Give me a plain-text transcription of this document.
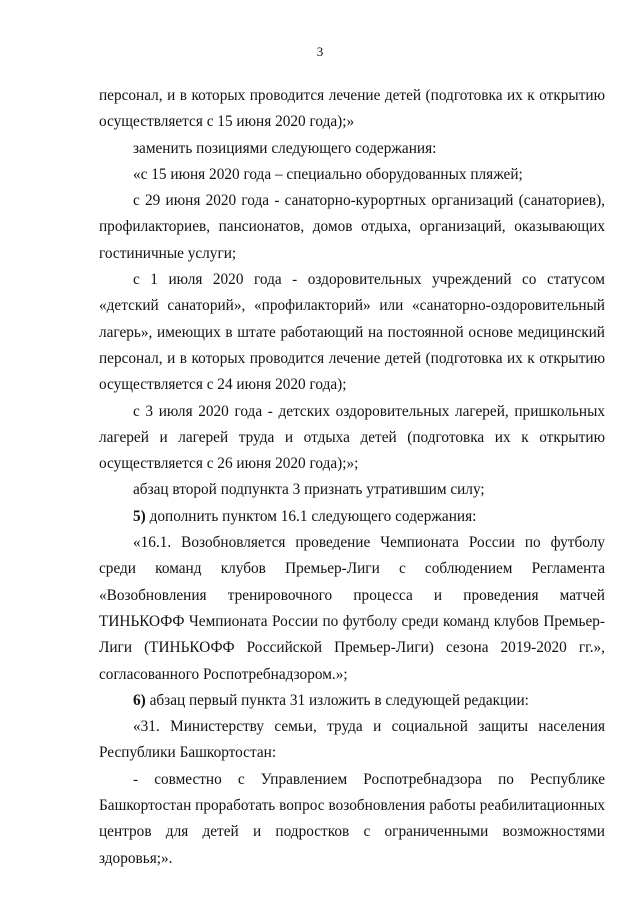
3

персонал, и в которых проводится лечение детей (подготовка их к открытию осуществляется с 15 июня 2020 года);»

заменить позициями следующего содержания:

«с 15 июня 2020 года – специально оборудованных пляжей;

с 29 июня 2020 года - санаторно-курортных организаций (санаториев), профилакториев, пансионатов, домов отдыха, организаций, оказывающих гостиничные услуги;

с 1 июля 2020 года - оздоровительных учреждений со статусом «детский санаторий», «профилакторий» или «санаторно-оздоровительный лагерь», имеющих в штате работающий на постоянной основе медицинский персонал, и в которых проводится лечение детей (подготовка их к открытию осуществляется с 24 июня 2020 года);

с 3 июля 2020 года - детских оздоровительных лагерей, пришкольных лагерей и лагерей труда и отдыха детей (подготовка их к открытию осуществляется с 26 июня 2020 года);»;

абзац второй подпункта 3 признать утратившим силу;

5) дополнить пунктом 16.1 следующего содержания:

«16.1. Возобновляется проведение Чемпионата России по футболу среди команд клубов Премьер-Лиги с соблюдением Регламента «Возобновления тренировочного процесса и проведения матчей ТИНЬКОФФ Чемпионата России по футболу среди команд клубов Премьер-Лиги (ТИНЬКОФФ Российской Премьер-Лиги) сезона 2019-2020 гг.», согласованного Роспотребнадзором.»;

6) абзац первый пункта 31 изложить в следующей редакции:

«31. Министерству семьи, труда и социальной защиты населения Республики Башкортостан:

- совместно с Управлением Роспотребнадзора по Республике Башкортостан проработать вопрос возобновления работы реабилитационных центров для детей и подростков с ограниченными возможностями здоровья;».
